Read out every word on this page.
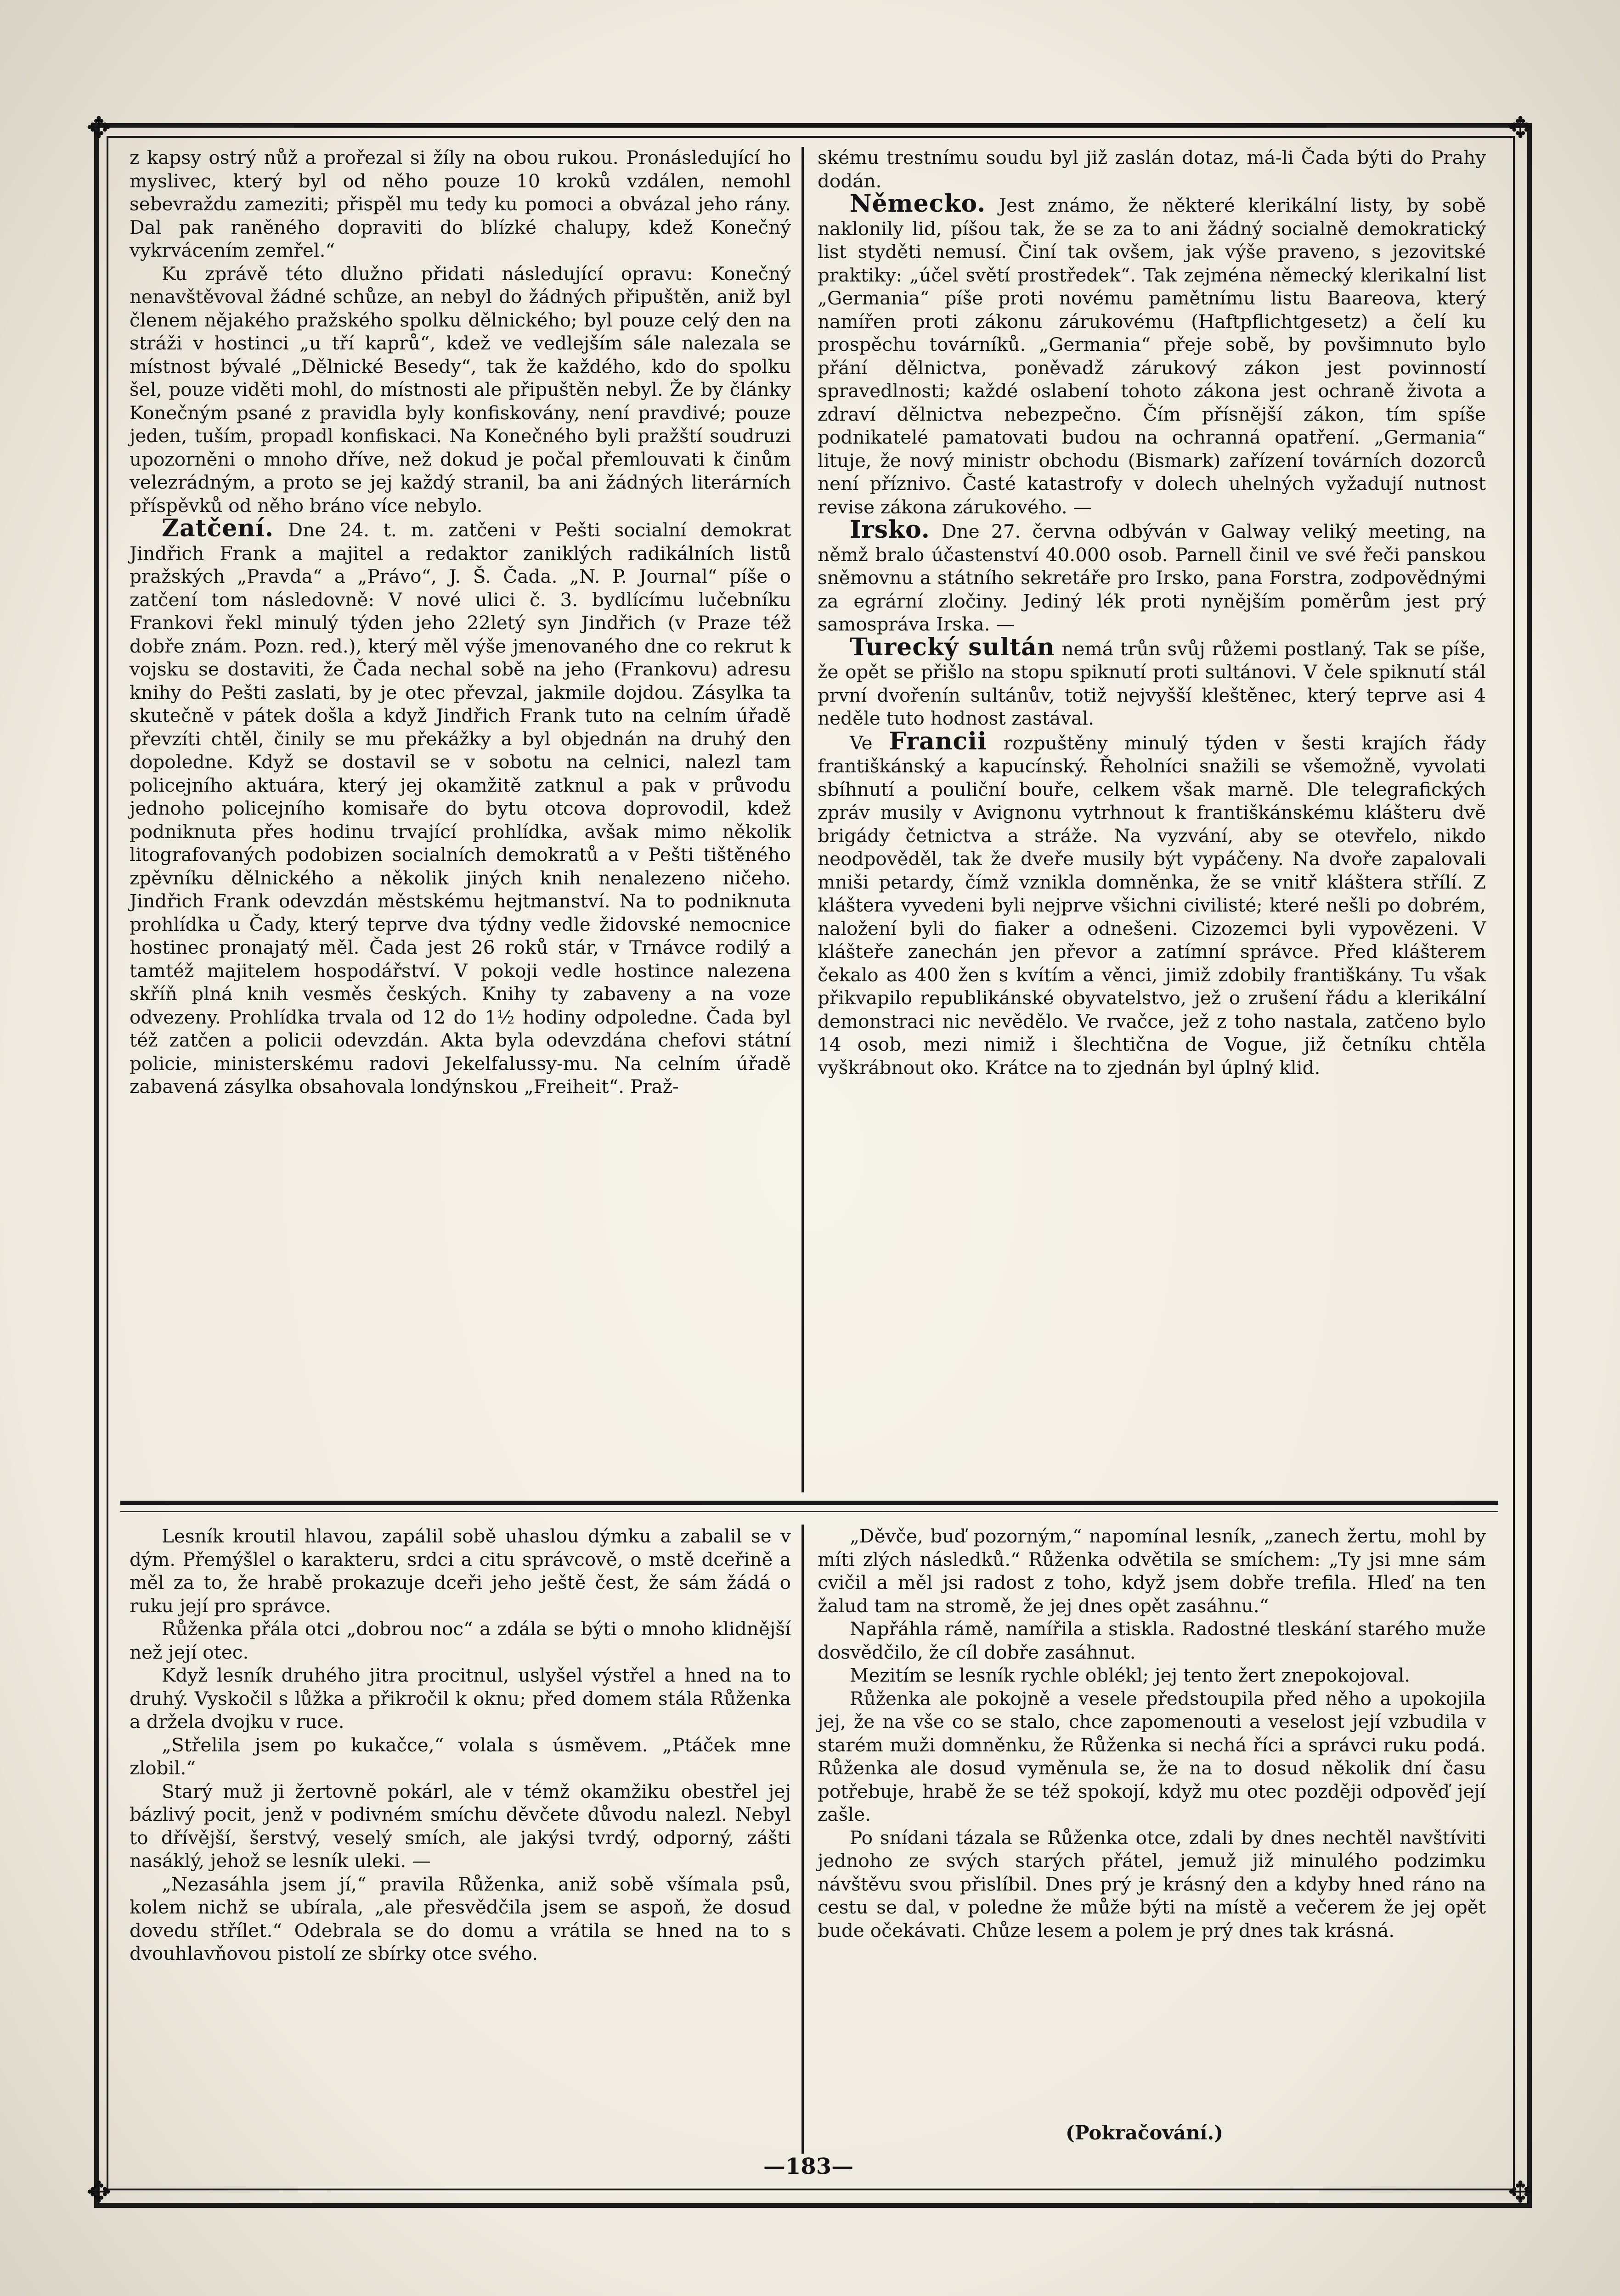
✥	✥
✥	✥

z kapsy ostrý nůž a prořezal si žíly na obou rukou. Pronásledující ho myslivec, který byl od něho pouze 10 kroků vzdálen, nemohl sebevraždu zameziti; přispěl mu tedy ku pomoci a obvázal jeho rány. Dal pak raněného dopraviti do blízké chalupy, kdež Konečný vykrvácením zemřel.“

Ku zprávě této dlužno přidati následující opravu: Konečný nenavštěvoval žádné schůze, an nebyl do žádných připuštěn, aniž byl členem nějakého pražského spolku dělnického; byl pouze celý den na stráži v hostinci „u tří kaprů“, kdež ve vedlejším sále nalezala se místnost bývalé „Dělnické Besedy“, tak že každého, kdo do spolku šel, pouze viděti mohl, do místnosti ale připuštěn nebyl. Že by články Konečným psané z pravidla byly konfiskovány, není pravdivé; pouze jeden, tuším, propadl konfiskaci. Na Konečného byli pražští soudruzi upozorněni o mnoho dříve, než dokud je počal přemlouvati k činům velezrádným, a proto se jej každý stranil, ba ani žádných literárních příspěvků od něho bráno více nebylo.

Zatčení. Dne 24. t. m. zatčeni v Pešti socialní demokrat Jindřich Frank a majitel a redaktor zaniklých radikálních listů pražských „Pravda“ a „Právo“, J. Š. Čada. „N. P. Journal“ píše o zatčení tom následovně: V nové ulici č. 3. bydlícímu lučebníku Frankovi řekl minulý týden jeho 22letý syn Jindřich (v Praze též dobře znám. Pozn. red.), který měl výše jmenovaného dne co rekrut k vojsku se dostaviti, že Čada nechal sobě na jeho (Frankovu) adresu knihy do Pešti zaslati, by je otec převzal, jakmile dojdou. Zásylka ta skutečně v pátek došla a když Jindřich Frank tuto na celním úřadě převzíti chtěl, činily se mu překážky a byl objednán na druhý den dopoledne. Když se dostavil se v sobotu na celnici, nalezl tam policejního aktuára, který jej okamžitě zatknul a pak v průvodu jednoho policejního komisaře do bytu otcova doprovodil, kdež podniknuta přes hodinu trvající prohlídka, avšak mimo několik litografovaných podobizen socialních demokratů a v Pešti tištěného zpěvníku dělnického a několik jiných knih nenalezeno ničeho. Jindřich Frank odevzdán městskému hejtmanství. Na to podniknuta prohlídka u Čady, který teprve dva týdny vedle židovské nemocnice hostinec pronajatý měl. Čada jest 26 roků stár, v Trnávce rodilý a tamtéž majitelem hospodářství. V pokoji vedle hostince nalezena skříň plná knih vesměs českých. Knihy ty zabaveny a na voze odvezeny. Prohlídka trvala od 12 do 1½ hodiny odpoledne. Čada byl též zatčen a policii odevzdán. Akta byla odevzdána chefovi státní policie, ministerskému radovi Jekelfalussy-mu. Na celním úřadě zabavená zásylka obsahovala londýnskou „Freiheit“. Praž-

skému trestnímu soudu byl již zaslán dotaz, má-li Čada býti do Prahy dodán.

Německo. Jest známo, že některé klerikální listy, by sobě naklonily lid, píšou tak, že se za to ani žádný socialně demokratický list styděti nemusí. Činí tak ovšem, jak výše praveno, s jezovitské praktiky: „účel světí prostředek“. Tak zejména německý klerikalní list „Germania“ píše proti novému pamětnímu listu Baareova, který namířen proti zákonu zárukovému (Haftpflichtgesetz) a čelí ku prospěchu továrníků. „Germania“ přeje sobě, by povšimnuto bylo přání dělnictva, poněvadž zárukový zákon jest povinností spravedlnosti; každé oslabení tohoto zákona jest ochraně života a zdraví dělnictva nebezpečno. Čím přísnější zákon, tím spíše podnikatelé pamatovati budou na ochranná opatření. „Germania“ lituje, že nový ministr obchodu (Bismark) zařízení továrních dozorců není příznivo. Časté katastrofy v dolech uhelných vyžadují nutnost revise zákona zárukového. —

Irsko. Dne 27. června odbýván v Galway veliký meeting, na němž bralo účastenství 40.000 osob. Parnell činil ve své řeči panskou sněmovnu a státního sekretáře pro Irsko, pana Forstra, zodpovědnými za egrární zločiny. Jediný lék proti nynějším poměrům jest prý samospráva Irska. —

Turecký sultán nemá trůn svůj růžemi postlaný. Tak se píše, že opět se přišlo na stopu spiknutí proti sultánovi. V čele spiknutí stál první dvořenín sultánův, totiž nejvyšší kleštěnec, který teprve asi 4 neděle tuto hodnost zastával.

Ve Francii rozpuštěny minulý týden v šesti krajích řády františkánský a kapucínský. Řeholníci snažili se všemožně, vyvolati sbíhnutí a pouliční bouře, celkem však marně. Dle telegrafických zpráv musily v Avignonu vytrhnout k františkánskému klášteru dvě brigády četnictva a stráže. Na vyzvání, aby se otevřelo, nikdo neodpověděl, tak že dveře musily být vypáčeny. Na dvoře zapalovali mniši petardy, čímž vznikla domněnka, že se vnitř kláštera střílí. Z kláštera vyvedeni byli nejprve všichni civilisté; které nešli po dobrém, naložení byli do fiaker a odnešeni. Cizozemci byli vypovězeni. V klášteře zanechán jen převor a zatímní správce. Před klášterem čekalo as 400 žen s kvítím a věnci, jimiž zdobily františkány. Tu však přikvapilo republikánské obyvatelstvo, jež o zrušení řádu a klerikální demonstraci nic nevědělo. Ve rvačce, jež z toho nastala, zatčeno bylo 14 osob, mezi nimiž i šlechtična de Vogue, již četníku chtěla vyškrábnout oko. Krátce na to zjednán byl úplný klid.

Lesník kroutil hlavou, zapálil sobě uhaslou dýmku a zabalil se v dým. Přemýšlel o karakteru, srdci a citu správcově, o mstě dceřině a měl za to, že hrabě prokazuje dceři jeho ještě čest, že sám žádá o ruku její pro správce.

Růženka přála otci „dobrou noc“ a zdála se býti o mnoho klidnější než její otec.

Když lesník druhého jitra procitnul, uslyšel výstřel a hned na to druhý. Vyskočil s lůžka a přikročil k oknu; před domem stála Růženka a držela dvojku v ruce.

„Střelila jsem po kukačce,“ volala s úsměvem. „Ptáček mne zlobil.“

Starý muž ji žertovně pokárl, ale v témž okamžiku obestřel jej bázlivý pocit, jenž v podivném smíchu děvčete důvodu nalezl. Nebyl to dřívější, šerstvý, veselý smích, ale jakýsi tvrdý, odporný, zášti nasáklý, jehož se lesník uleki. —

„Nezasáhla jsem jí,“ pravila Růženka, aniž sobě všímala psů, kolem nichž se ubírala, „ale přesvědčila jsem se aspoň, že dosud dovedu střílet.“ Odebrala se do domu a vrátila se hned na to s dvouhlavňovou pistolí ze sbírky otce svého.

„Děvče, buď pozorným,“ napomínal lesník, „zanech žertu, mohl by míti zlých následků.“ Růženka odvětila se smíchem: „Ty jsi mne sám cvičil a měl jsi radost z toho, když jsem dobře trefila. Hleď na ten žalud tam na stromě, že jej dnes opět zasáhnu.“

Napřáhla rámě, namířila a stiskla. Radostné tleskání starého muže dosvědčilo, že cíl dobře zasáhnut.

Mezitím se lesník rychle oblékl; jej tento žert znepokojoval.

Růženka ale pokojně a vesele předstoupila před něho a upokojila jej, že na vše co se stalo, chce zapomenouti a veselost její vzbudila v starém muži domněnku, že Růženka si nechá říci a správci ruku podá. Růženka ale dosud vyměnula se, že na to dosud několik dní času potřebuje, hrabě že se též spokojí, když mu otec později odpověď její zašle.

Po snídani tázala se Růženka otce, zdali by dnes nechtěl navštíviti jednoho ze svých starých přátel, jemuž již minulého podzimku návštěvu svou přislíbil. Dnes prý je krásný den a kdyby hned ráno na cestu se dal, v poledne že může býti na místě a večerem že jej opět bude očekávati. Chůze lesem a polem je prý dnes tak krásná.

(Pokračování.)
—183—
